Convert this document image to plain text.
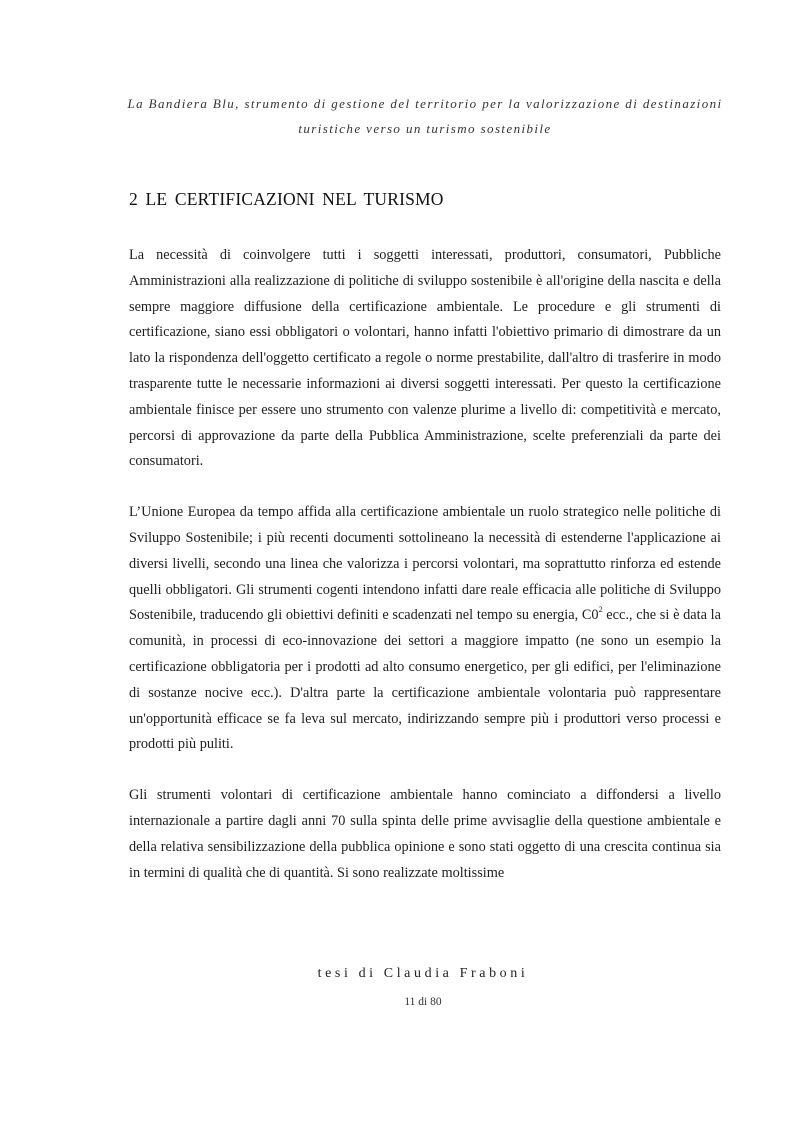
La Bandiera Blu, strumento di gestione del territorio per la valorizzazione di destinazioni
turistiche verso un turismo sostenibile
2 LE CERTIFICAZIONI NEL TURISMO

La necessità di coinvolgere tutti i soggetti interessati, produttori, consumatori, Pubbliche Amministrazioni alla realizzazione di politiche di sviluppo sostenibile è all'origine della nascita e della sempre maggiore diffusione della certificazione ambientale. Le procedure e gli strumenti di certificazione, siano essi obbligatori o volontari, hanno infatti l'obiettivo primario di dimostrare da un lato la rispondenza dell'oggetto certificato a regole o norme prestabilite, dall'altro di trasferire in modo trasparente tutte le necessarie informazioni ai diversi soggetti interessati. Per questo la certificazione ambientale finisce per essere uno strumento con valenze plurime a livello di: competitività e mercato, percorsi di approvazione da parte della Pubblica Amministrazione, scelte preferenziali da parte dei consumatori.

L’Unione Europea da tempo affida alla certificazione ambientale un ruolo strategico nelle politiche di Sviluppo Sostenibile; i più recenti documenti sottolineano la necessità di estenderne l'applicazione ai diversi livelli, secondo una linea che valorizza i percorsi volontari, ma soprattutto rinforza ed estende quelli obbligatori. Gli strumenti cogenti intendono infatti dare reale efficacia alle politiche di Sviluppo Sostenibile, traducendo gli obiettivi definiti e scadenzati nel tempo su energia, $C0^2$ ecc., che si è data la comunità, in processi di eco-innovazione dei settori a maggiore impatto (ne sono un esempio la certificazione obbligatoria per i prodotti ad alto consumo energetico, per gli edifici, per l'eliminazione di sostanze nocive ecc.). D'altra parte la certificazione ambientale volontaria può rappresentare un'opportunità efficace se fa leva sul mercato, indirizzando sempre più i produttori verso processi e prodotti più puliti.

Gli strumenti volontari di certificazione ambientale hanno cominciato a diffondersi a livello internazionale a partire dagli anni 70 sulla spinta delle prime avvisaglie della questione ambientale e della relativa sensibilizzazione della pubblica opinione e sono stati oggetto di una crescita continua sia in termini di qualità che di quantità. Si sono realizzate moltissime

tesi di Claudia Fraboni
11 di 80
